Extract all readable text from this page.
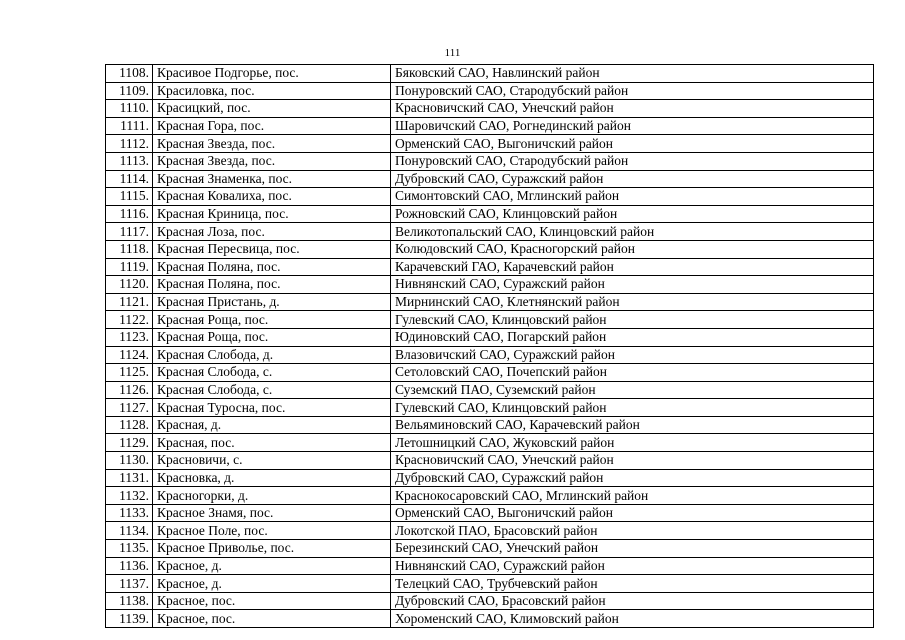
111
1108.	Красивое Подгорье, пос.	Бяковский САО, Навлинский район
1109.	Красиловка, пос.	Понуровский САО, Стародубский район
1110.	Красицкий, пос.	Красновичский САО, Унечский район
1111.	Красная Гора, пос.	Шаровичский САО, Рогнединский район
1112.	Красная Звезда, пос.	Орменский САО, Выгоничский район
1113.	Красная Звезда, пос.	Понуровский САО, Стародубский район
1114.	Красная Знаменка, пос.	Дубровский САО, Суражский район
1115.	Красная Ковалиха, пос.	Симонтовский САО, Мглинский район
1116.	Красная Криница, пос.	Рожновский САО, Клинцовский район
1117.	Красная Лоза, пос.	Великотопальский САО, Клинцовский район
1118.	Красная Пересвица, пос.	Колюдовский САО, Красногорский район
1119.	Красная Поляна, пос.	Карачевский ГАО, Карачевский район
1120.	Красная Поляна, пос.	Нивнянский САО, Суражский район
1121.	Красная Пристань, д.	Мирнинский САО, Клетнянский район
1122.	Красная Роща, пос.	Гулевский САО, Клинцовский район
1123.	Красная Роща, пос.	Юдиновский САО, Погарский район
1124.	Красная Слобода, д.	Влазовичский САО, Суражский район
1125.	Красная Слобода, с.	Сетоловский САО, Почепский район
1126.	Красная Слобода, с.	Суземский ПАО, Суземский район
1127.	Красная Туросна, пос.	Гулевский САО, Клинцовский район
1128.	Красная, д.	Вельяминовский САО, Карачевский район
1129.	Красная, пос.	Летошницкий САО, Жуковский район
1130.	Красновичи, с.	Красновичский САО, Унечский район
1131.	Красновка, д.	Дубровский САО, Суражский район
1132.	Красногорки, д.	Краснокосаровский САО, Мглинский район
1133.	Красное Знамя, пос.	Орменский САО, Выгоничский район
1134.	Красное Поле, пос.	Локотской ПАО, Брасовский район
1135.	Красное Приволье, пос.	Березинский САО, Унечский район
1136.	Красное, д.	Нивнянский САО, Суражский район
1137.	Красное, д.	Телецкий САО, Трубчевский район
1138.	Красное, пос.	Дубровский САО, Брасовский район
1139.	Красное, пос.	Хороменский САО, Климовский район
